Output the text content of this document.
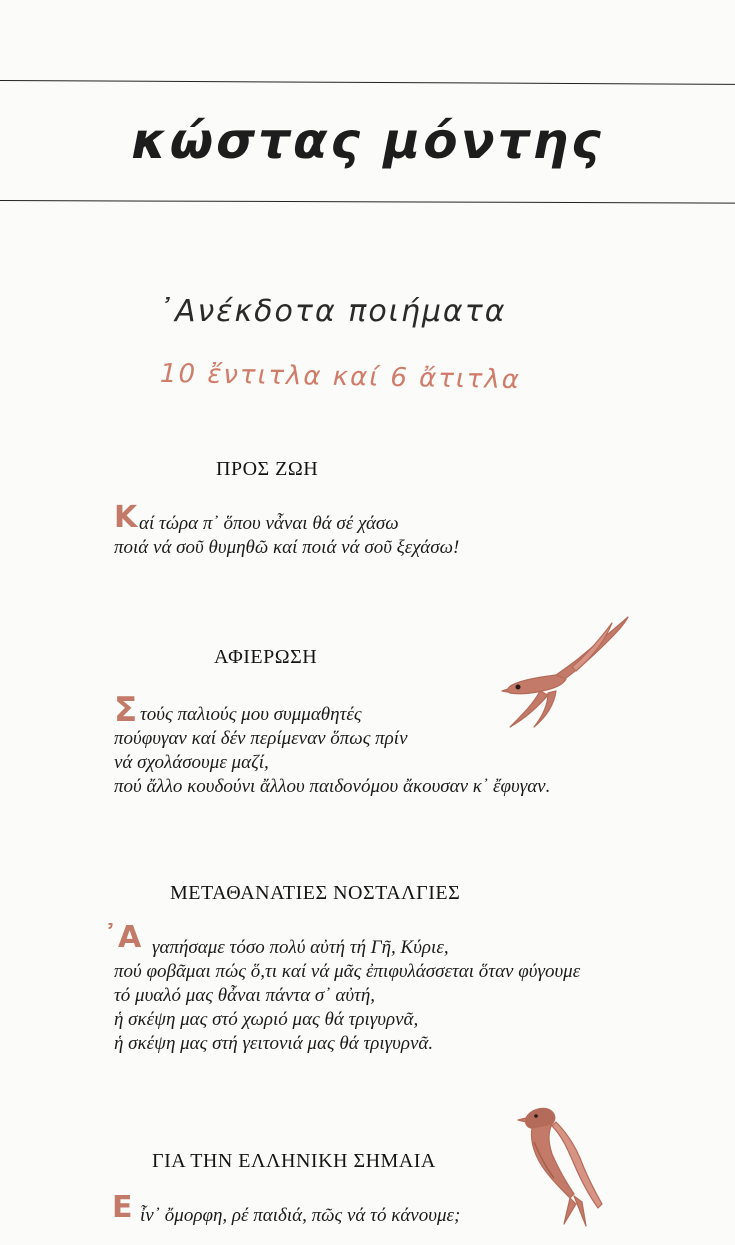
κώστας μόντης
᾿Ανέκδοτα ποιήματα
10 ἔντιτλα καί 6 ἄτιτλα
ΠΡΟΣ ΖΩΗ
Κ αί τώρα π᾿ ὅπου νἆναι θά σέ χάσω
ποιά νά σοῦ θυμηθῶ καί ποιά νά σοῦ ξεχάσω!
ΑΦΙΕΡΩΣΗ
Σ τούς παλιούς μου συμμαθητές
πούφυγαν καί δέν περίμεναν ὅπως πρίν
νά σχολάσουμε μαζί,
πού ἄλλο κουδούνι ἄλλου παιδονόμου ἄκουσαν κ᾿ ἔφυγαν.
ΜΕΤΑΘΑΝΑΤΙΕΣ ΝΟΣΤΑΛΓΙΕΣ
᾿Α γαπήσαμε τόσο πολύ αὐτή τή Γῆ, Κύριε,
πού φοβᾶμαι πώς ὅ,τι καί νά μᾶς ἐπιφυλάσσεται ὅταν φύγουμε
τό μυαλό μας θἆναι πάντα σ᾿ αὐτή,
ἡ σκέψη μας στό χωριό μας θά τριγυρνᾶ,
ἡ σκέψη μας στή γειτονιά μας θά τριγυρνᾶ.
ΓΙΑ ΤΗΝ ΕΛΛΗΝΙΚΗ ΣΗΜΑΙΑ
Ε ἶν᾿ ὄμορφη, ρέ παιδιά, πῶς νά τό κάνουμε;
